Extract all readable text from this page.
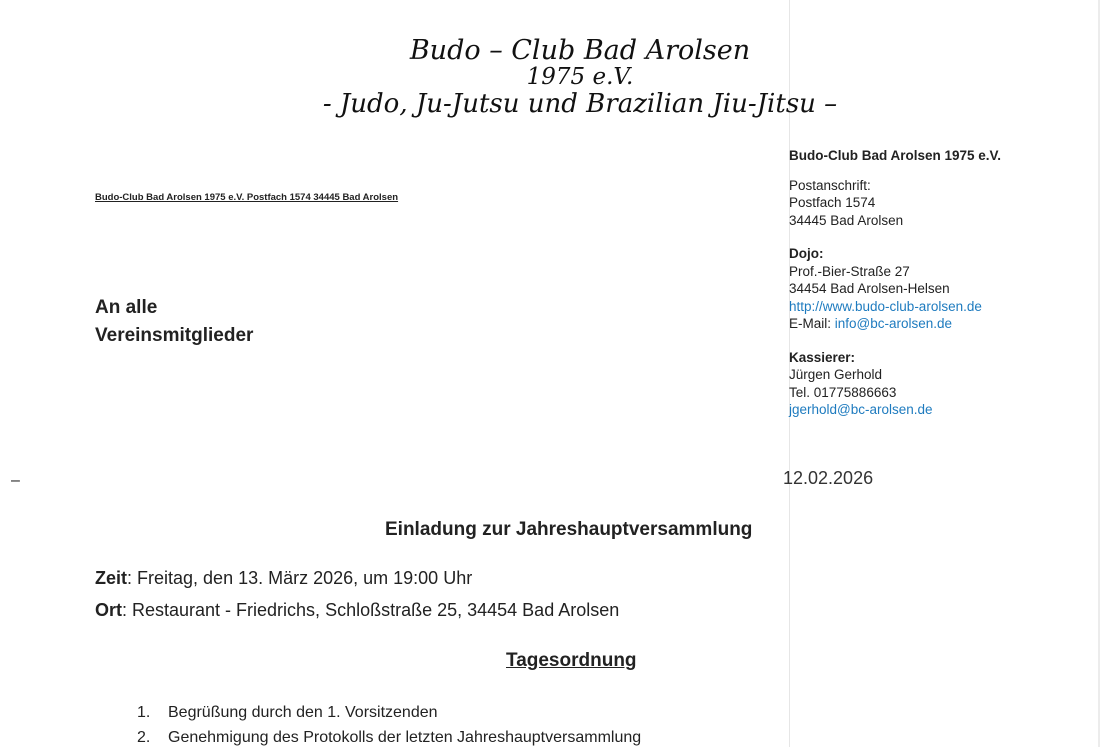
Budo – Club Bad Arolsen
1975 e.V.
- Judo, Ju-Jutsu und Brazilian Jiu-Jitsu –
Budo-Club Bad Arolsen 1975 e.V. Postfach 1574 34445 Bad Arolsen
An alle
Vereinsmitglieder
–
Budo-Club Bad Arolsen 1975 e.V.
Postanschrift:
Postfach 1574
34445 Bad Arolsen
Dojo:
Prof.-Bier-Straße 27
34454 Bad Arolsen-Helsen
http://www.budo-club-arolsen.de
E-Mail: info@bc-arolsen.de
Kassierer:
Jürgen Gerhold
Tel. 01775886663
jgerhold@bc-arolsen.de
12.02.2026
Einladung zur Jahreshauptversammlung
Zeit: Freitag, den 13. März 2026, um 19:00 Uhr
Ort: Restaurant - Friedrichs, Schloßstraße 25, 34454 Bad Arolsen
Tagesordnung
1. Begrüßung durch den 1. Vorsitzenden
2. Genehmigung des Protokolls der letzten Jahreshauptversammlung
